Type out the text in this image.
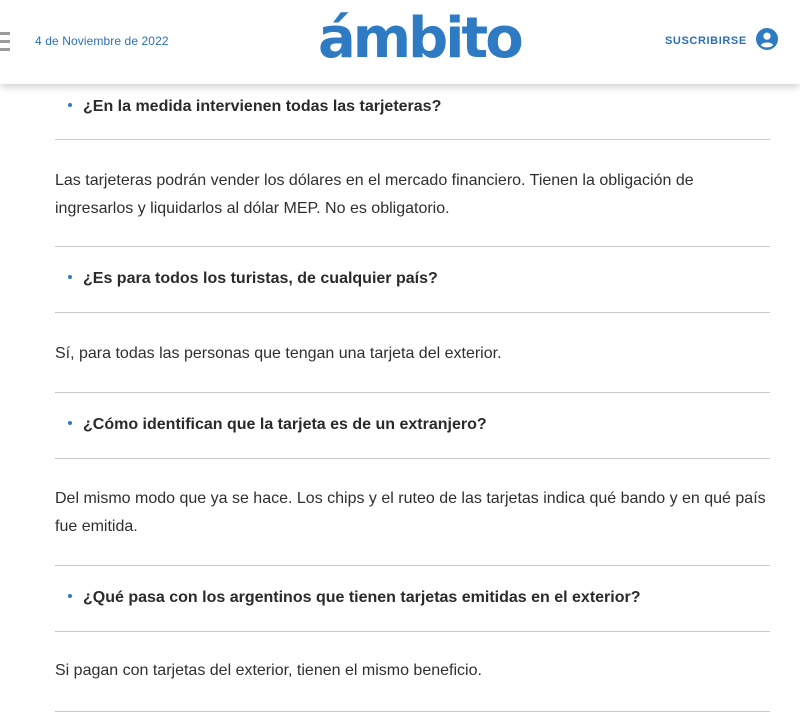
4 de Noviembre de 2022	ámbito	SUSCRIBIRSE
¿En la medida intervienen todas las tarjeteras?
Las tarjeteras podrán vender los dólares en el mercado financiero. Tienen la obligación de ingresarlos y liquidarlos al dólar MEP. No es obligatorio.
¿Es para todos los turistas, de cualquier país?
Sí, para todas las personas que tengan una tarjeta del exterior.
¿Cómo identifican que la tarjeta es de un extranjero?
Del mismo modo que ya se hace. Los chips y el ruteo de las tarjetas indica qué bando y en qué país fue emitida.
¿Qué pasa con los argentinos que tienen tarjetas emitidas en el exterior?
Si pagan con tarjetas del exterior, tienen el mismo beneficio.
